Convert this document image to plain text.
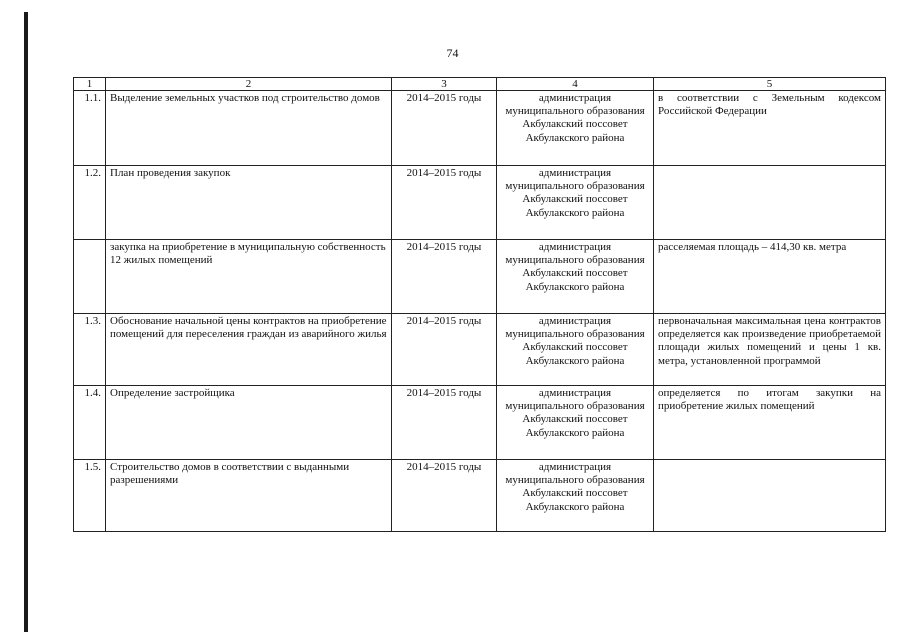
74
1	2	3	4	5
1.1.	Выделение земельных участков под строительство домов	2014–2015 годы	администрация муниципального образования Акбулакский поссовет Акбулакского района	в соответствии с Земельным кодексом Российской Федерации
1.2.	План проведения закупок	2014–2015 годы	администрация муниципального образования Акбулакский поссовет Акбулакского района	
	закупка на приобретение в муниципальную собственность 12 жилых помещений	2014–2015 годы	администрация муниципального образования Акбулакский поссовет Акбулакского района	расселяемая площадь – 414,30 кв. метра
1.3.	Обоснование начальной цены контрактов на приобретение помещений для переселения граждан из аварийного жилья	2014–2015 годы	администрация муниципального образования Акбулакский поссовет Акбулакского района	первоначальная максимальная цена контрактов определяется как произведение приобретаемой площади жилых помещений и цены 1 кв. метра, установленной программой
1.4.	Определение застройщика	2014–2015 годы	администрация муниципального образования Акбулакский поссовет Акбулакского района	определяется по итогам закупки на приобретение жилых помещений
1.5.	Строительство домов в соответствии с выданными разрешениями	2014–2015 годы	администрация муниципального образования Акбулакский поссовет Акбулакского района	
